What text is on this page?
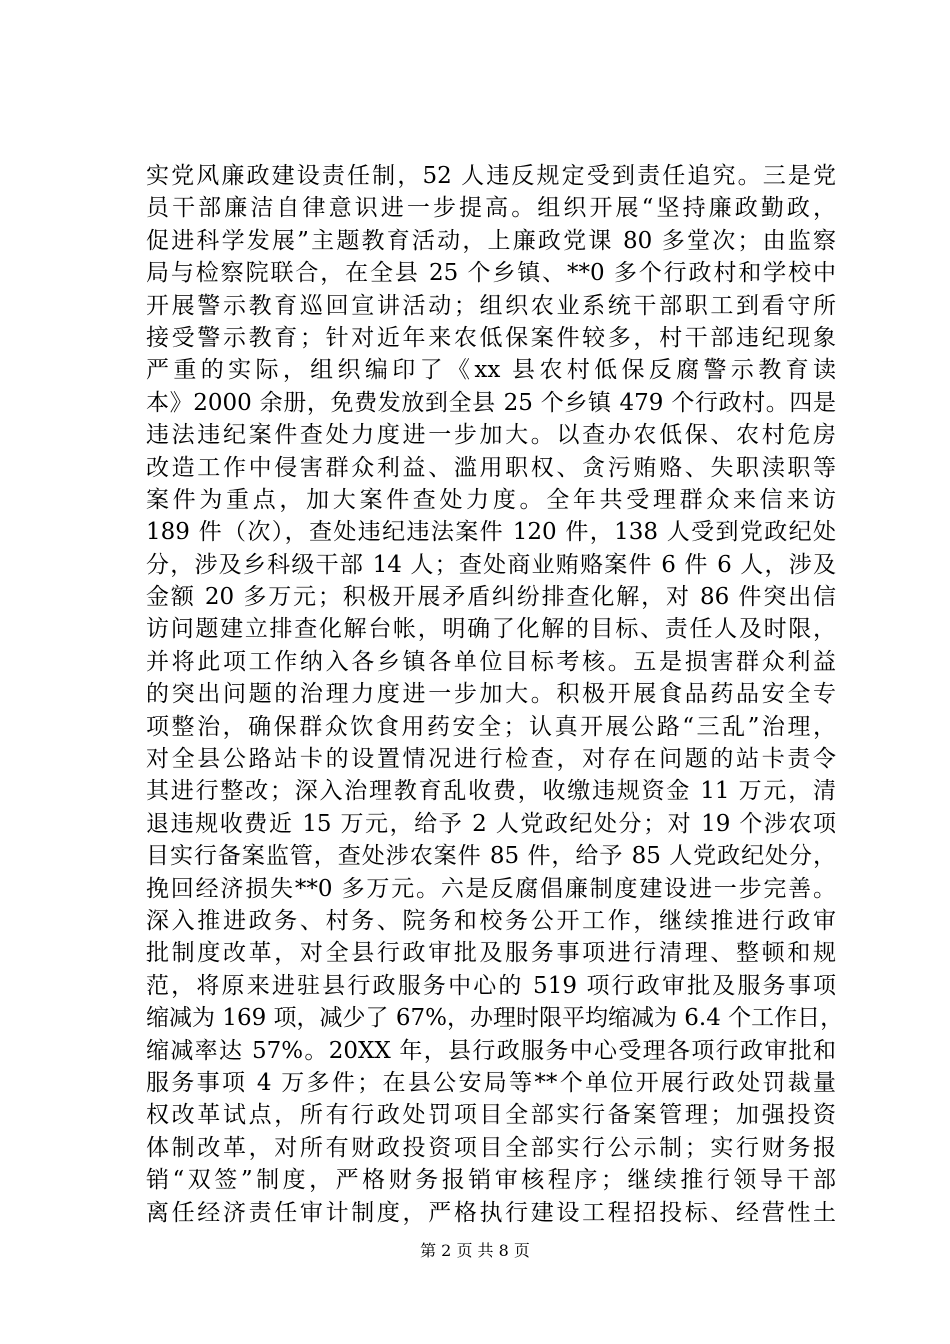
实党风廉政建设责任制，52 人违反规定受到责任追究。三是党
员干部廉洁自律意识进一步提高。组织开展“坚持廉政勤政，
促进科学发展”主题教育活动，上廉政党课 80 多堂次；由监察
局与检察院联合，在全县 25 个乡镇、**0 多个行政村和学校中
开展警示教育巡回宣讲活动；组织农业系统干部职工到看守所
接受警示教育；针对近年来农低保案件较多，村干部违纪现象
严重的实际，组织编印了《xx 县农村低保反腐警示教育读
本》2000 余册，免费发放到全县 25 个乡镇 479 个行政村。四是
违法违纪案件查处力度进一步加大。以查办农低保、农村危房
改造工作中侵害群众利益、滥用职权、贪污贿赂、失职渎职等
案件为重点，加大案件查处力度。全年共受理群众来信来访
189 件（次），查处违纪违法案件 120 件，138 人受到党政纪处
分，涉及乡科级干部 14 人；查处商业贿赂案件 6 件 6 人，涉及
金额 20 多万元；积极开展矛盾纠纷排查化解，对 86 件突出信
访问题建立排查化解台帐，明确了化解的目标、责任人及时限，
并将此项工作纳入各乡镇各单位目标考核。五是损害群众利益
的突出问题的治理力度进一步加大。积极开展食品药品安全专
项整治，确保群众饮食用药安全；认真开展公路“三乱”治理，
对全县公路站卡的设置情况进行检查，对存在问题的站卡责令
其进行整改；深入治理教育乱收费，收缴违规资金 11 万元，清
退违规收费近 15 万元，给予 2 人党政纪处分；对 19 个涉农项
目实行备案监管，查处涉农案件 85 件，给予 85 人党政纪处分，
挽回经济损失**0 多万元。六是反腐倡廉制度建设进一步完善。
深入推进政务、村务、院务和校务公开工作，继续推进行政审
批制度改革，对全县行政审批及服务事项进行清理、整顿和规
范，将原来进驻县行政服务中心的 519 项行政审批及服务事项
缩减为 169 项，减少了 67%，办理时限平均缩减为 6.4 个工作日，
缩减率达 57%。20XX 年，县行政服务中心受理各项行政审批和
服务事项 4 万多件；在县公安局等**个单位开展行政处罚裁量
权改革试点，所有行政处罚项目全部实行备案管理；加强投资
体制改革，对所有财政投资项目全部实行公示制；实行财务报
销“双签”制度，严格财务报销审核程序；继续推行领导干部
离任经济责任审计制度，严格执行建设工程招投标、经营性土
第 2 页 共 8 页
